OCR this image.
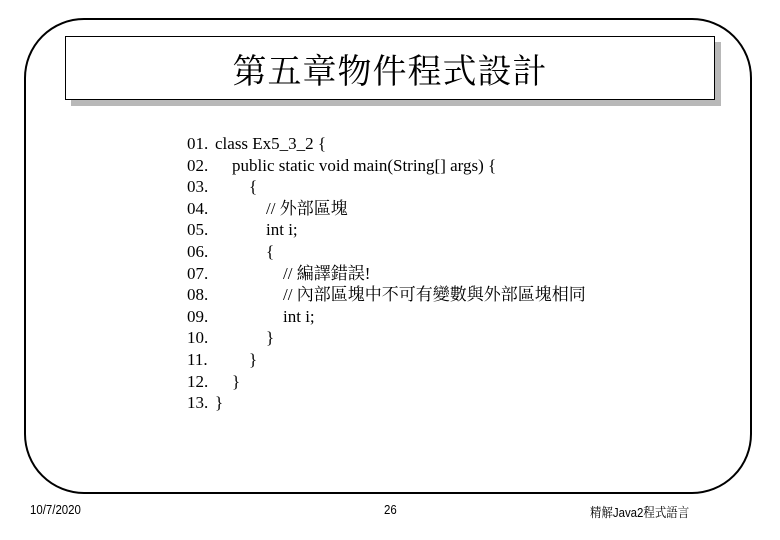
第五章物件程式設計
01. class Ex5_3_2 {
02. public static void main(String[] args) {
03. {
04. // 外部區塊
05. int i;
06. {
07. // 編譯錯誤!
08. // 內部區塊中不可有變數與外部區塊相同
09. int i;
10. }
11. }
12. }
13. }
10/7/2020	26	精解Java2程式語言
